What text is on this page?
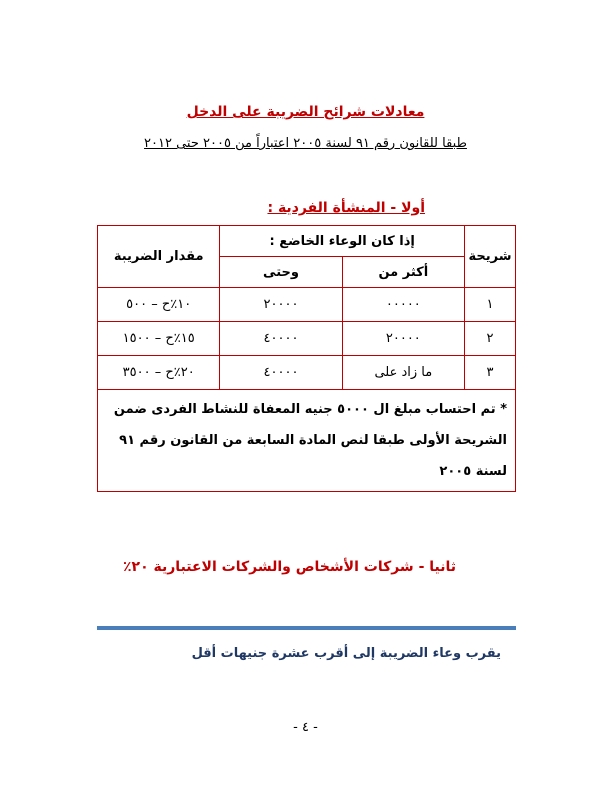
معادلات شرائح الضريبة على الدخل
طبقا للقانون رقم ٩١ لسنة ٢٠٠٥ اعتباراً من ٢٠٠٥ حتى ٢٠١٢
أولا - المنشأة الفردية :
شريحة	إذا كان الوعاء الخاضع :		مقدار الضريبة
	أكثر من	وحتى	
١	٠٠٠٠٠	٢٠٠٠٠	١٠٪ح – ٥٠٠
٢	٢٠٠٠٠	٤٠٠٠٠	١٥٪ح – ١٥٠٠
٣	ما زاد على	٤٠٠٠٠	٢٠٪ح – ٣٥٠٠
* تم احتساب مبلغ ال ٥٠٠٠ جنيه المعفاة للنشاط الفردى ضمن الشريحة الأولى طبقا لنص المادة السابعة من القانون رقم ٩١ لسنة ٢٠٠٥			
ثانيا - شركات الأشخاص والشركات الاعتبارية ٢٠٪
يقرب وعاء الضريبة إلى أقرب عشرة جنيهات أقل
- ٤ -
